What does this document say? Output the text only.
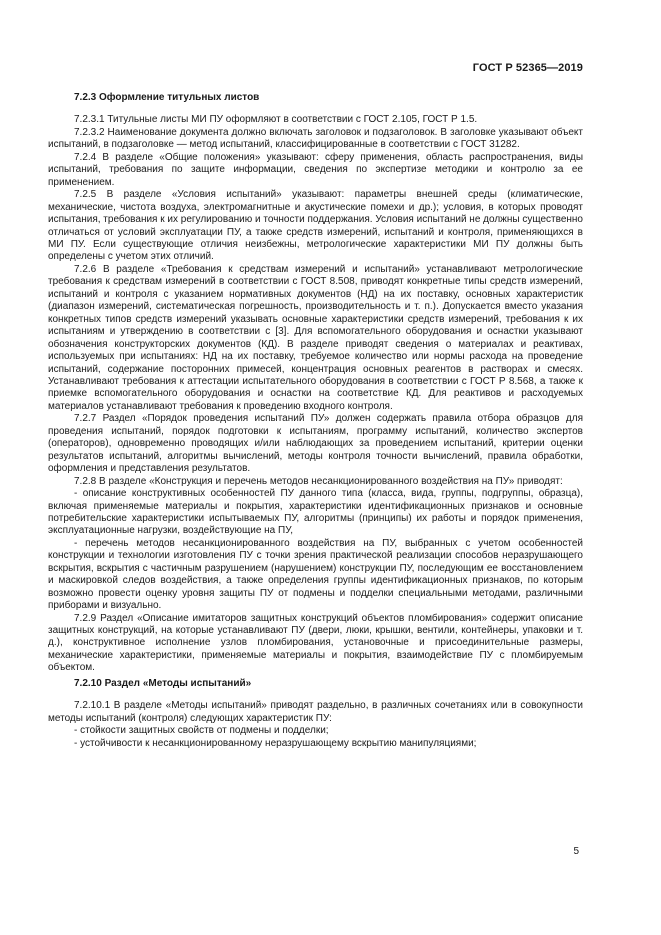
ГОСТ Р 52365—2019

7.2.3 Оформление титульных листов

7.2.3.1 Титульные листы МИ ПУ оформляют в соответствии с ГОСТ 2.105, ГОСТ Р 1.5.

7.2.3.2 Наименование документа должно включать заголовок и подзаголовок. В заголовке указывают объект испытаний, в подзаголовке — метод испытаний, классифицированные в соответствии с ГОСТ 31282.

7.2.4 В разделе «Общие положения» указывают: сферу применения, область распространения, виды испытаний, требования по защите информации, сведения по экспертизе методики и контролю за ее применением.

7.2.5 В разделе «Условия испытаний» указывают: параметры внешней среды (климатические, механические, чистота воздуха, электромагнитные и акустические помехи и др.); условия, в которых проводят испытания, требования к их регулированию и точности поддержания. Условия испытаний не должны существенно отличаться от условий эксплуатации ПУ, а также средств измерений, испытаний и контроля, применяющихся в МИ ПУ. Если существующие отличия неизбежны, метрологические характеристики МИ ПУ должны быть определены с учетом этих отличий.

7.2.6 В разделе «Требования к средствам измерений и испытаний» устанавливают метрологические требования к средствам измерений в соответствии с ГОСТ 8.508, приводят конкретные типы средств измерений, испытаний и контроля с указанием нормативных документов (НД) на их поставку, основных характеристик (диапазон измерений, систематическая погрешность, производительность и т. п.). Допускается вместо указания конкретных типов средств измерений указывать основные характеристики средств измерений, требования к их испытаниям и утверждению в соответствии с [3]. Для вспомогательного оборудования и оснастки указывают обозначения конструкторских документов (КД). В разделе приводят сведения о материалах и реактивах, используемых при испытаниях: НД на их поставку, требуемое количество или нормы расхода на проведение испытаний, содержание посторонних примесей, концентрация основных реагентов в растворах и смесях. Устанавливают требования к аттестации испытательного оборудования в соответствии с ГОСТ Р 8.568, а также к приемке вспомогательного оборудования и оснастки на соответствие КД. Для реактивов и расходуемых материалов устанавливают требования к проведению входного контроля.

7.2.7 Раздел «Порядок проведения испытаний ПУ» должен содержать правила отбора образцов для проведения испытаний, порядок подготовки к испытаниям, программу испытаний, количество экспертов (операторов), одновременно проводящих и/или наблюдающих за проведением испытаний, критерии оценки результатов испытаний, алгоритмы вычислений, методы контроля точности вычислений, правила обработки, оформления и представления результатов.

7.2.8 В разделе «Конструкция и перечень методов несанкционированного воздействия на ПУ» приводят:

- описание конструктивных особенностей ПУ данного типа (класса, вида, группы, подгруппы, образца), включая применяемые материалы и покрытия, характеристики идентификационных признаков и основные потребительские характеристики испытываемых ПУ, алгоритмы (принципы) их работы и порядок применения, эксплуатационные нагрузки, воздействующие на ПУ,

- перечень методов несанкционированного воздействия на ПУ, выбранных с учетом особенностей конструкции и технологии изготовления ПУ с точки зрения практической реализации способов неразрушающего вскрытия, вскрытия с частичным разрушением (нарушением) конструкции ПУ, последующим ее восстановлением и маскировкой следов воздействия, а также определения группы идентификационных признаков, по которым возможно провести оценку уровня защиты ПУ от подмены и подделки специальными методами, различными приборами и визуально.

7.2.9 Раздел «Описание имитаторов защитных конструкций объектов пломбирования» содержит описание защитных конструкций, на которые устанавливают ПУ (двери, люки, крышки, вентили, контейнеры, упаковки и т. д.), конструктивное исполнение узлов пломбирования, установочные и присоединительные размеры, механические характеристики, применяемые материалы и покрытия, взаимодействие ПУ с пломбируемым объектом.

7.2.10 Раздел «Методы испытаний»

7.2.10.1 В разделе «Методы испытаний» приводят раздельно, в различных сочетаниях или в совокупности методы испытаний (контроля) следующих характеристик ПУ:

- стойкости защитных свойств от подмены и подделки;

- устойчивости к несанкционированному неразрушающему вскрытию манипуляциями;

5
